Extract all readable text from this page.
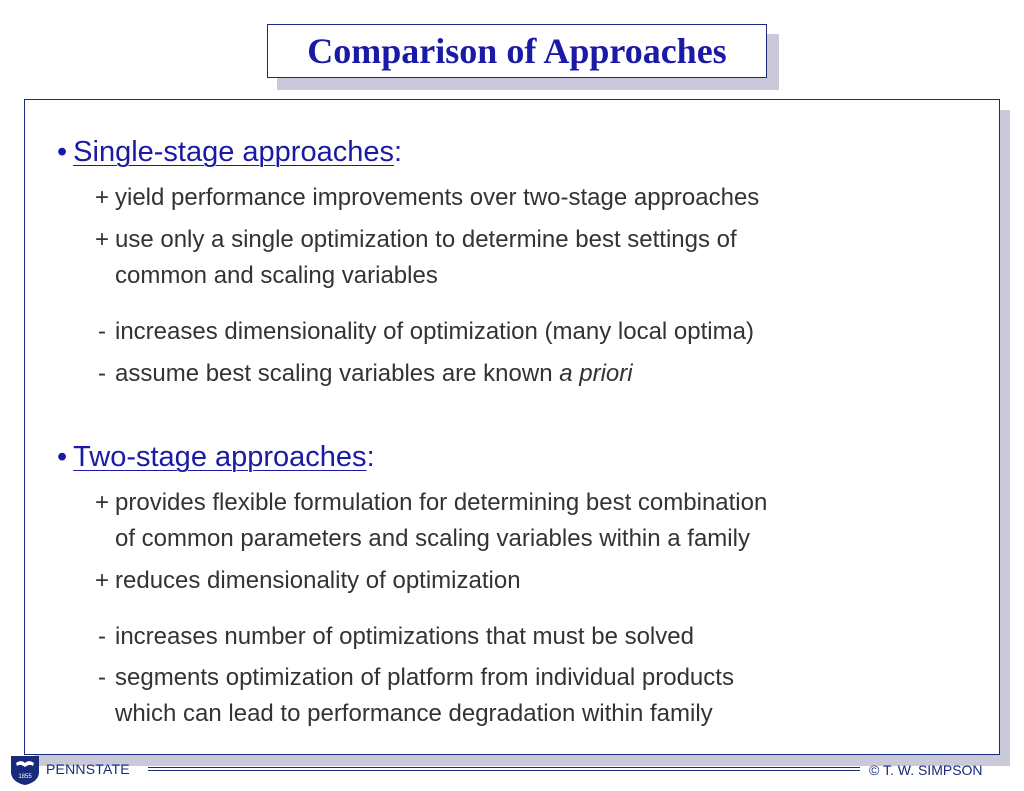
Comparison of Approaches
• Single-stage approaches:
+ yield performance improvements over two-stage approaches
+ use only a single optimization to determine best settings of
common and scaling variables
- increases dimensionality of optimization (many local optima)
- assume best scaling variables are known a priori
• Two-stage approaches:
+ provides flexible formulation for determining best combination
of common parameters and scaling variables within a family
+ reduces dimensionality of optimization
- increases number of optimizations that must be solved
- segments optimization of platform from individual products
which can lead to performance degradation within family
1855 PENNSTATE	© T. W. SIMPSON
